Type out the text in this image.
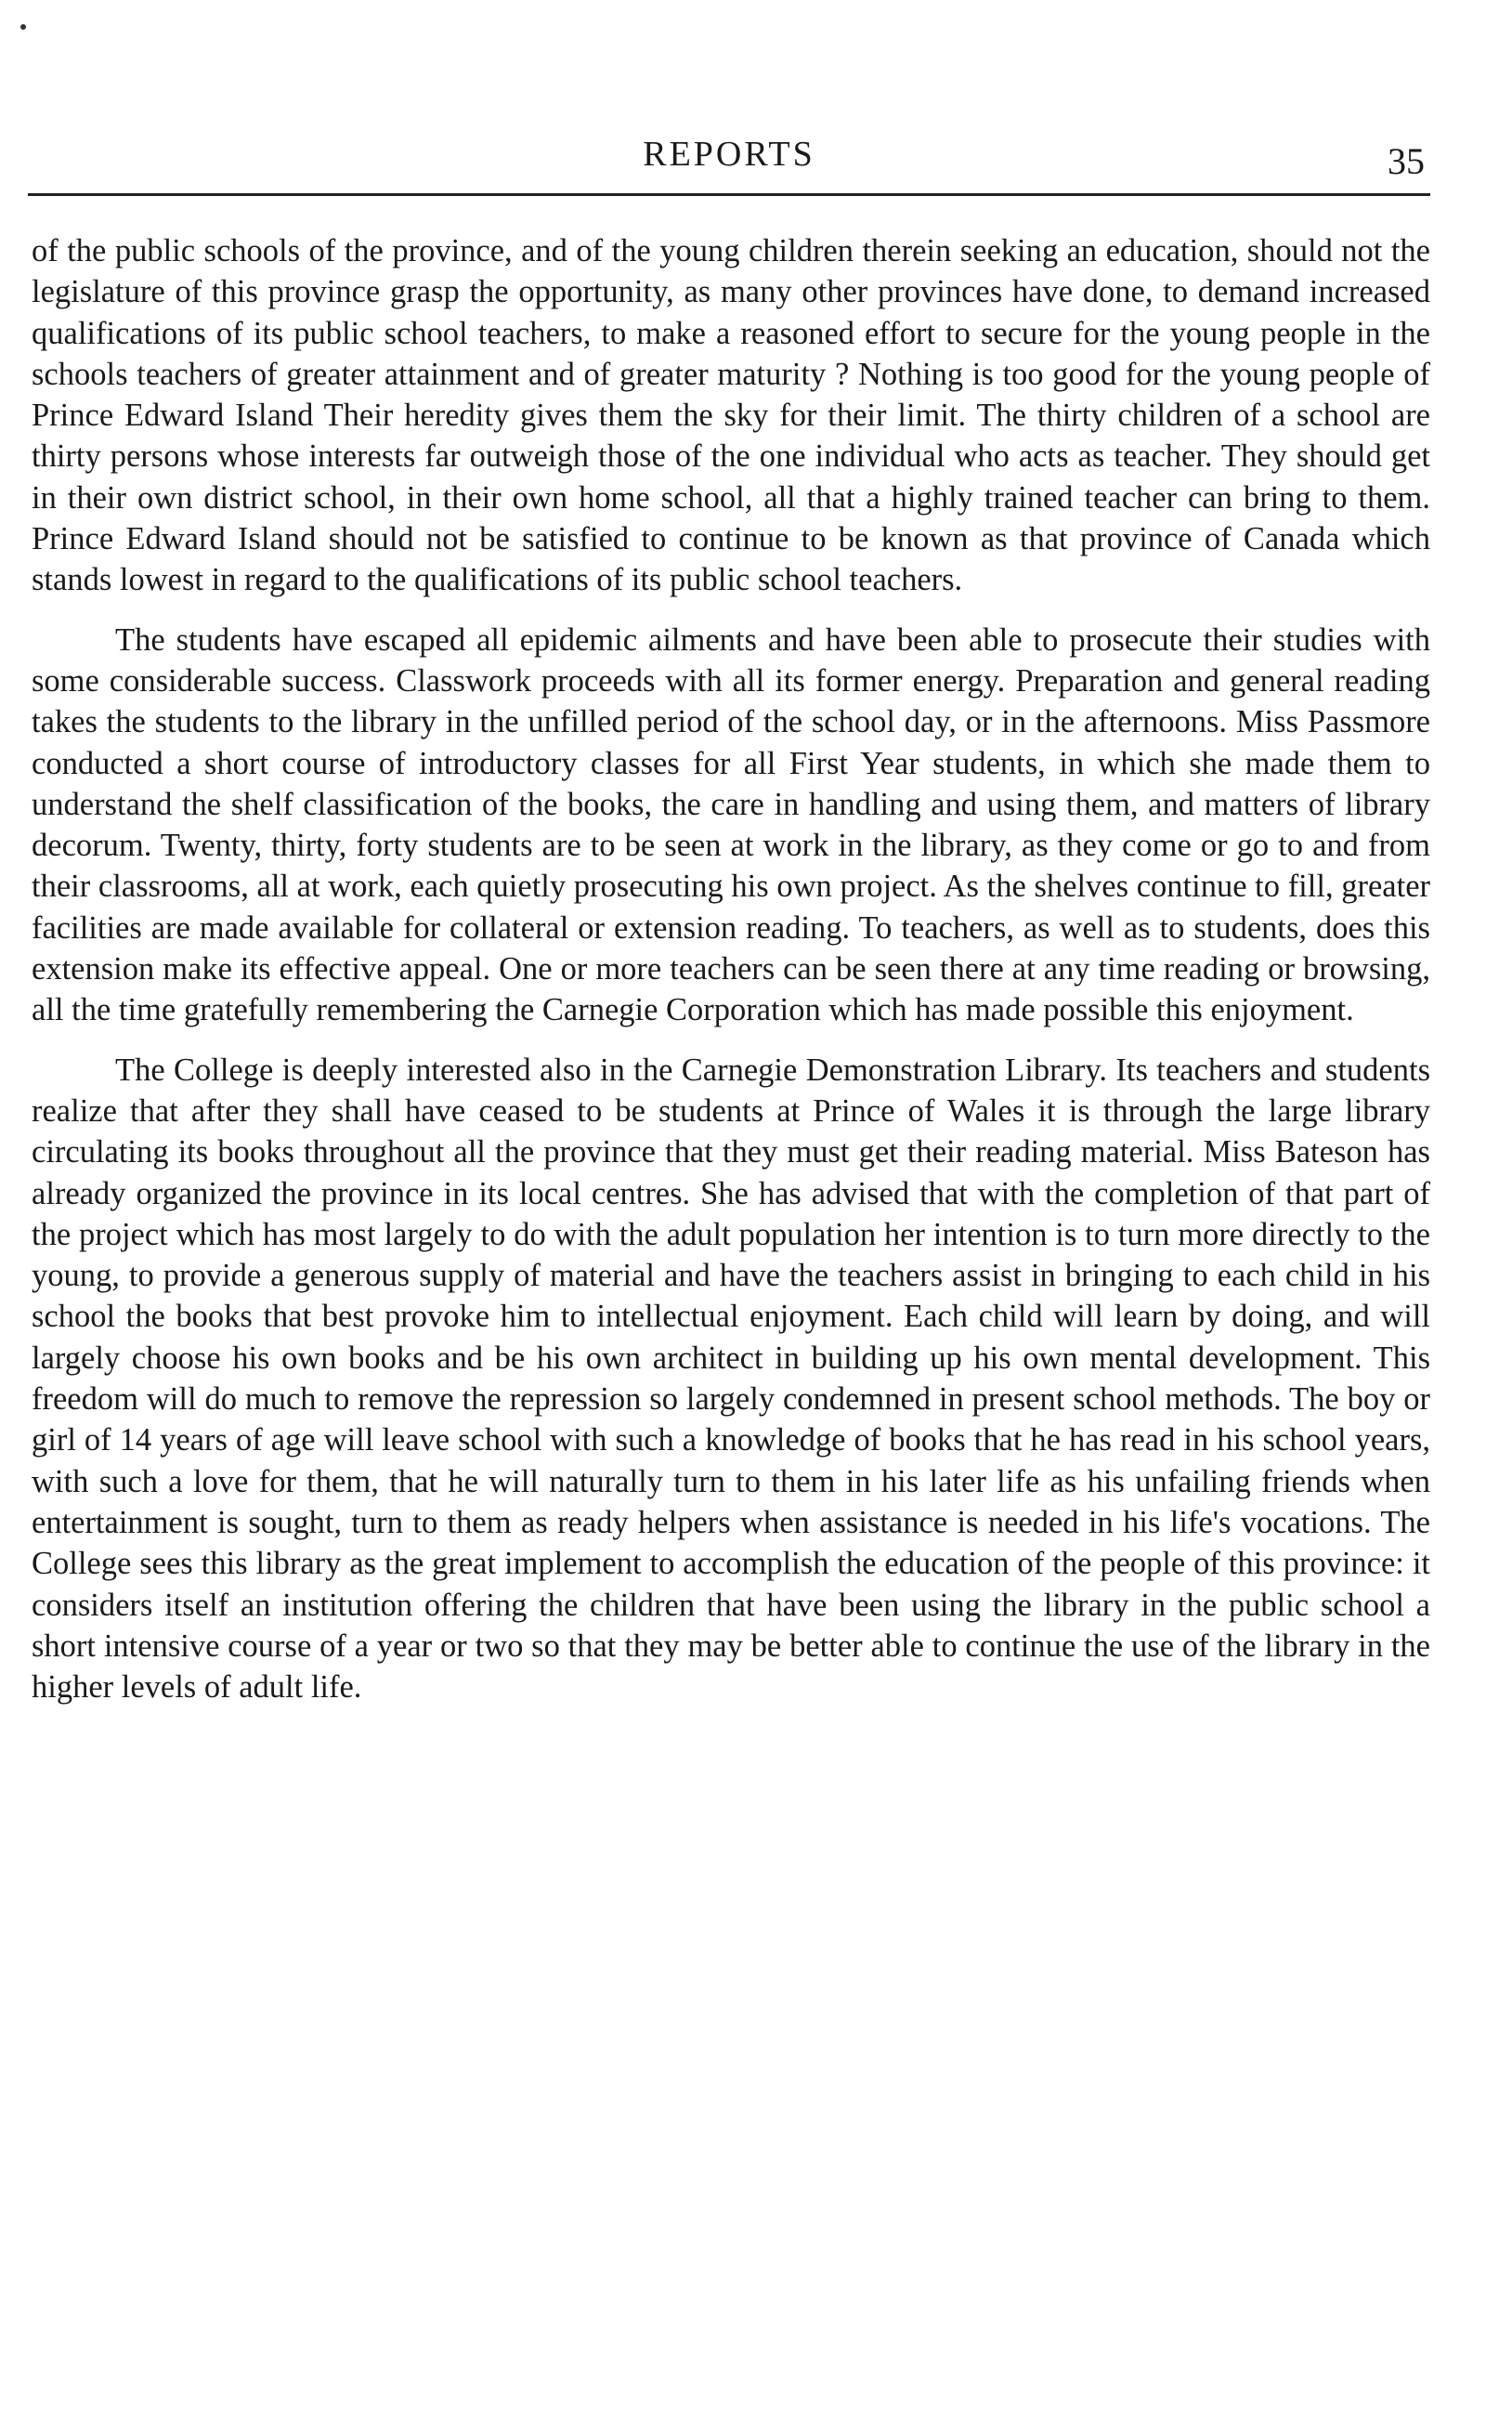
REPORTS	35

of the public schools of the province, and of the young children therein seeking an education, should not the legislature of this province grasp the opportunity, as many other provinces have done, to demand increased qualifications of its public school teachers, to make a reasoned effort to secure for the young people in the schools teachers of greater attainment and of greater maturity ? Nothing is too good for the young people of Prince Edward Island Their heredity gives them the sky for their limit. The thirty children of a school are thirty persons whose interests far outweigh those of the one individual who acts as teacher. They should get in their own district school, in their own home school, all that a highly trained teacher can bring to them. Prince Edward Island should not be satisfied to continue to be known as that province of Canada which stands lowest in regard to the qualifications of its public school teachers.

The students have escaped all epidemic ailments and have been able to prosecute their studies with some considerable success. Classwork proceeds with all its former energy. Preparation and general reading takes the students to the library in the unfilled period of the school day, or in the afternoons. Miss Passmore conducted a short course of introductory classes for all First Year students, in which she made them to understand the shelf classification of the books, the care in handling and using them, and matters of library decorum. Twenty, thirty, forty students are to be seen at work in the library, as they come or go to and from their classrooms, all at work, each quietly prosecuting his own project. As the shelves continue to fill, greater facilities are made available for collateral or extension reading. To teachers, as well as to students, does this extension make its effective appeal. One or more teachers can be seen there at any time reading or browsing, all the time gratefully remembering the Carnegie Corporation which has made possible this enjoyment.

The College is deeply interested also in the Carnegie Demonstration Library. Its teachers and students realize that after they shall have ceased to be students at Prince of Wales it is through the large library circulating its books throughout all the province that they must get their reading material. Miss Bateson has already organized the province in its local centres. She has advised that with the completion of that part of the project which has most largely to do with the adult population her intention is to turn more directly to the young, to provide a generous supply of material and have the teachers assist in bringing to each child in his school the books that best provoke him to intellectual enjoyment. Each child will learn by doing, and will largely choose his own books and be his own architect in building up his own mental development. This freedom will do much to remove the repression so largely condemned in present school methods. The boy or girl of 14 years of age will leave school with such a knowledge of books that he has read in his school years, with such a love for them, that he will naturally turn to them in his later life as his unfailing friends when entertainment is sought, turn to them as ready helpers when assistance is needed in his life's vocations. The College sees this library as the great implement to accomplish the education of the people of this province: it considers itself an institution offering the children that have been using the library in the public school a short intensive course of a year or two so that they may be better able to continue the use of the library in the higher levels of adult life.
